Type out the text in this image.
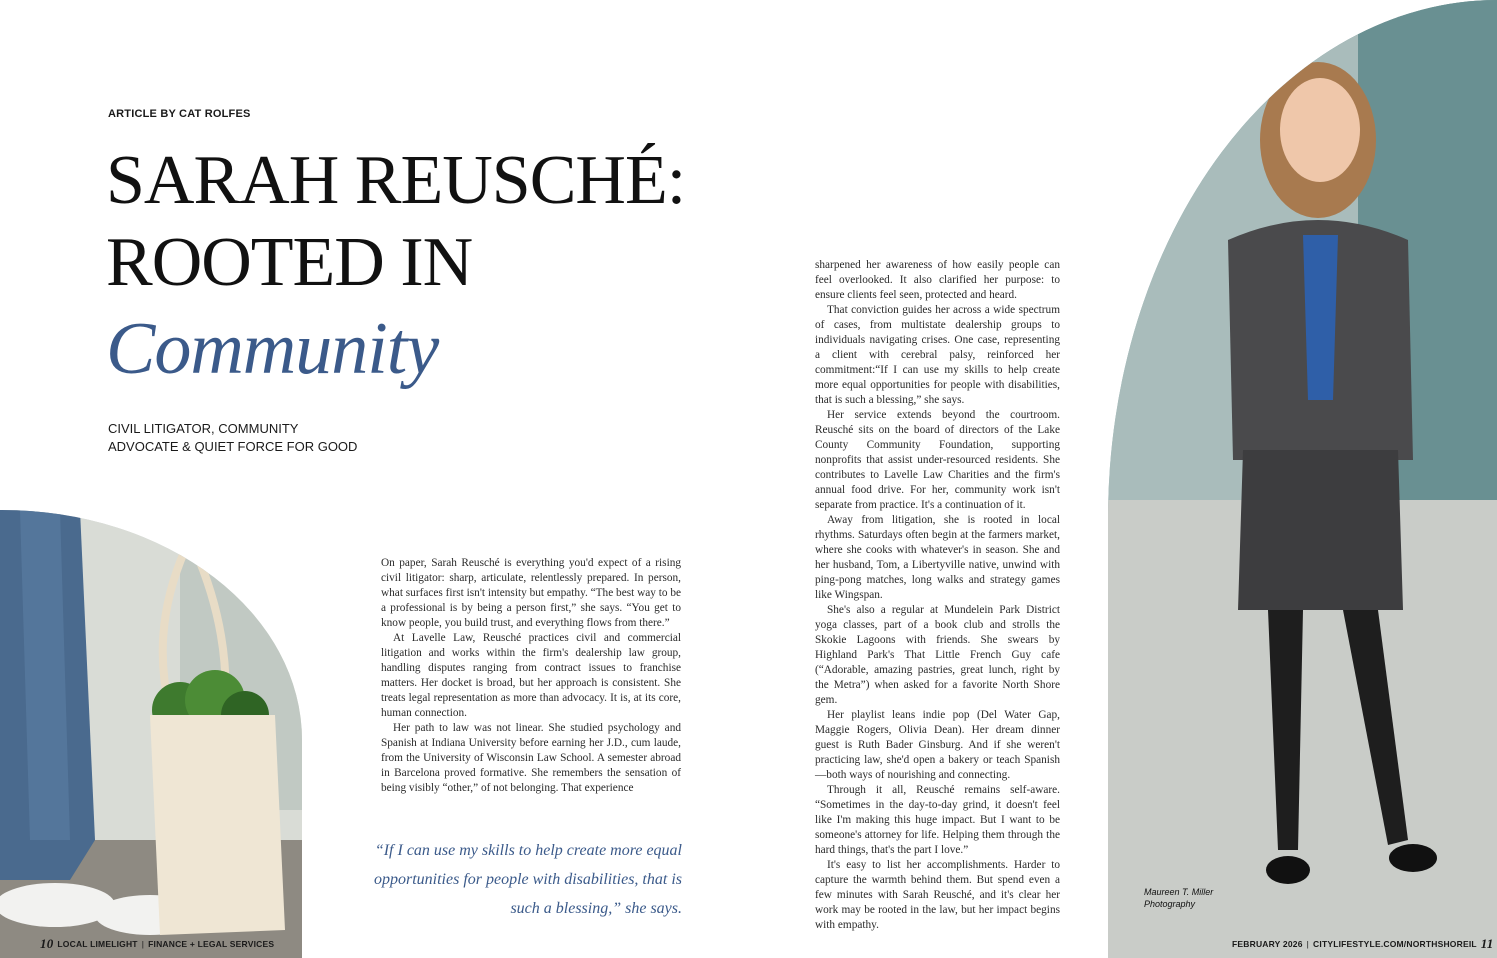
ARTICLE BY CAT ROLFES
SARAH REUSCHÉ:
ROOTED IN
Community
CIVIL LITIGATOR, COMMUNITY
ADVOCATE & QUIET FORCE FOR GOOD

On paper, Sarah Reusché is everything you'd expect of a rising civil litigator: sharp, articulate, relentlessly prepared. In person, what surfaces first isn't intensity but empathy. “The best way to be a professional is by being a person first,” she says. “You get to know people, you build trust, and everything flows from there.”

At Lavelle Law, Reusché practices civil and commercial litigation and works within the firm's dealership law group, handling disputes ranging from contract issues to franchise matters. Her docket is broad, but her approach is consistent. She treats legal representation as more than advocacy. It is, at its core, human connection.

Her path to law was not linear. She studied psychology and Spanish at Indiana University before earning her J.D., cum laude, from the University of Wisconsin Law School. A semester abroad in Barcelona proved formative. She remembers the sensation of being visibly “other,” of not belonging. That experience

sharpened her awareness of how easily people can feel overlooked. It also clarified her purpose: to ensure clients feel seen, protected and heard.

That conviction guides her across a wide spectrum of cases, from multistate dealership groups to individuals navigating crises. One case, representing a client with cerebral palsy, reinforced her commitment:“If I can use my skills to help create more equal opportunities for people with disabilities, that is such a blessing,” she says.

Her service extends beyond the courtroom. Reusché sits on the board of directors of the Lake County Community Foundation, supporting nonprofits that assist under-resourced residents. She contributes to Lavelle Law Charities and the firm's annual food drive. For her, community work isn't separate from practice. It's a continuation of it.

Away from litigation, she is rooted in local rhythms. Saturdays often begin at the farmers market, where she cooks with whatever's in season. She and her husband, Tom, a Libertyville native, unwind with ping-pong matches, long walks and strategy games like Wingspan.

She's also a regular at Mundelein Park District yoga classes, part of a book club and strolls the Skokie Lagoons with friends. She swears by Highland Park's That Little French Guy cafe (“Adorable, amazing pastries, great lunch, right by the Metra”) when asked for a favorite North Shore gem.

Her playlist leans indie pop (Del Water Gap, Maggie Rogers, Olivia Dean). Her dream dinner guest is Ruth Bader Ginsburg. And if she weren't practicing law, she'd open a bakery or teach Spanish—both ways of nourishing and connecting.

Through it all, Reusché remains self-aware. “Sometimes in the day-to-day grind, it doesn't feel like I'm making this huge impact. But I want to be someone's attorney for life. Helping them through the hard things, that's the part I love.”

It's easy to list her accomplishments. Harder to capture the warmth behind them. But spend even a few minutes with Sarah Reusché, and it's clear her work may be rooted in the law, but her impact begins with empathy.

“If I can use my skills to help create more equal opportunities for people with disabilities, that is such a blessing,” she says.
Maureen T. Miller
Photography
10 LOCAL LIMELIGHT | FINANCE + LEGAL SERVICES	FEBRUARY 2026 | CITYLIFESTYLE.COM/NORTHSHOREIL 11
